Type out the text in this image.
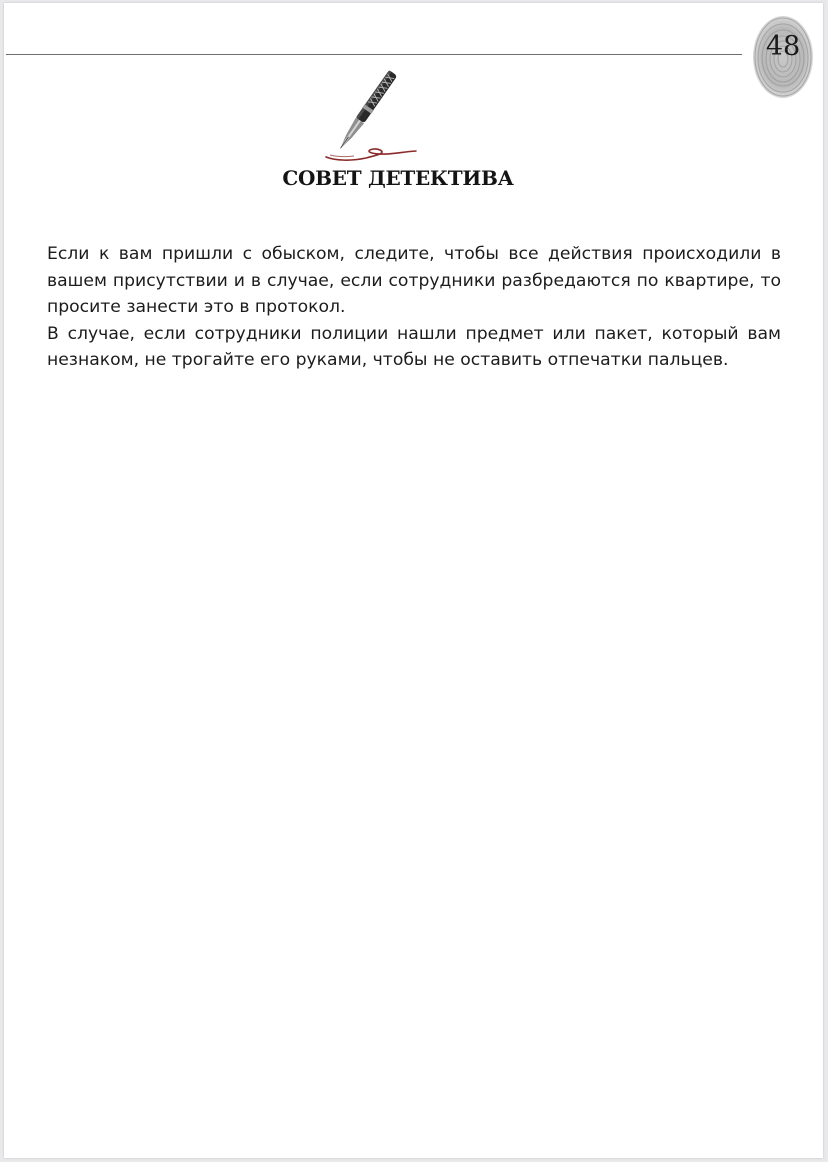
48
СОВЕТ ДЕТЕКТИВА

Если к вам пришли с обыском, следите, чтобы все действия происходили в вашем присутствии и в случае, если сотрудники разбредаются по квартире, то просите занести это в протокол.

В случае, если сотрудники полиции нашли предмет или пакет, который вам незнаком, не трогайте его руками, чтобы не оставить отпечатки пальцев.
